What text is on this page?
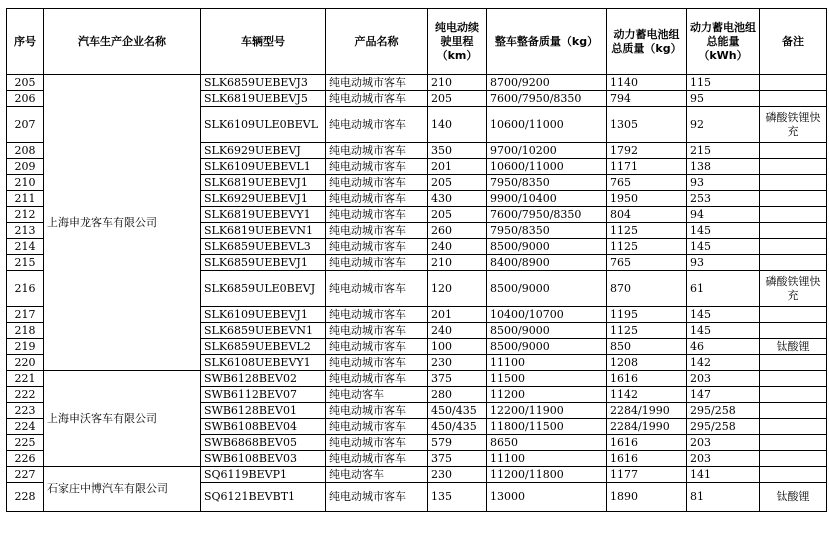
序号	汽车生产企业名称	车辆型号	产品名称	纯电动续驶里程（km）	整车整备质量（kg）	动力蓄电池组总质量（kg）	动力蓄电池组总能量（kWh）	备注
205	上海申龙客车有限公司	SLK6859UEBEVJ3	纯电动城市客车	210	8700/9200	1140	115	
206		SLK6819UEBEVJ5	纯电动城市客车	205	7600/7950/8350	794	95	
207		SLK6109ULE0BEVL	纯电动城市客车	140	10600/11000	1305	92	磷酸铁锂快充
208		SLK6929UEBEVJ	纯电动城市客车	350	9700/10200	1792	215	
209		SLK6109UEBEVL1	纯电动城市客车	201	10600/11000	1171	138	
210		SLK6819UEBEVJ1	纯电动城市客车	205	7950/8350	765	93	
211		SLK6929UEBEVJ1	纯电动城市客车	430	9900/10400	1950	253	
212		SLK6819UEBEVY1	纯电动城市客车	205	7600/7950/8350	804	94	
213		SLK6819UEBEVN1	纯电动城市客车	260	7950/8350	1125	145	
214		SLK6859UEBEVL3	纯电动城市客车	240	8500/9000	1125	145	
215		SLK6859UEBEVJ1	纯电动城市客车	210	8400/8900	765	93	
216		SLK6859ULE0BEVJ	纯电动城市客车	120	8500/9000	870	61	磷酸铁锂快充
217		SLK6109UEBEVJ1	纯电动城市客车	201	10400/10700	1195	145	
218		SLK6859UEBEVN1	纯电动城市客车	240	8500/9000	1125	145	
219		SLK6859UEBEVL2	纯电动城市客车	100	8500/9000	850	46	钛酸锂
220		SLK6108UEBEVY1	纯电动城市客车	230	11100	1208	142	
221	上海申沃客车有限公司	SWB6128BEV02	纯电动城市客车	375	11500	1616	203	
222		SWB6112BEV07	纯电动客车	280	11200	1142	147	
223		SWB6128BEV01	纯电动城市客车	450/435	12200/11900	2284/1990	295/258	
224		SWB6108BEV04	纯电动城市客车	450/435	11800/11500	2284/1990	295/258	
225		SWB6868BEV05	纯电动城市客车	579	8650	1616	203	
226		SWB6108BEV03	纯电动城市客车	375	11100	1616	203	
227	石家庄中博汽车有限公司	SQ6119BEVP1	纯电动客车	230	11200/11800	1177	141	
228		SQ6121BEVBT1	纯电动城市客车	135	13000	1890	81	钛酸锂
